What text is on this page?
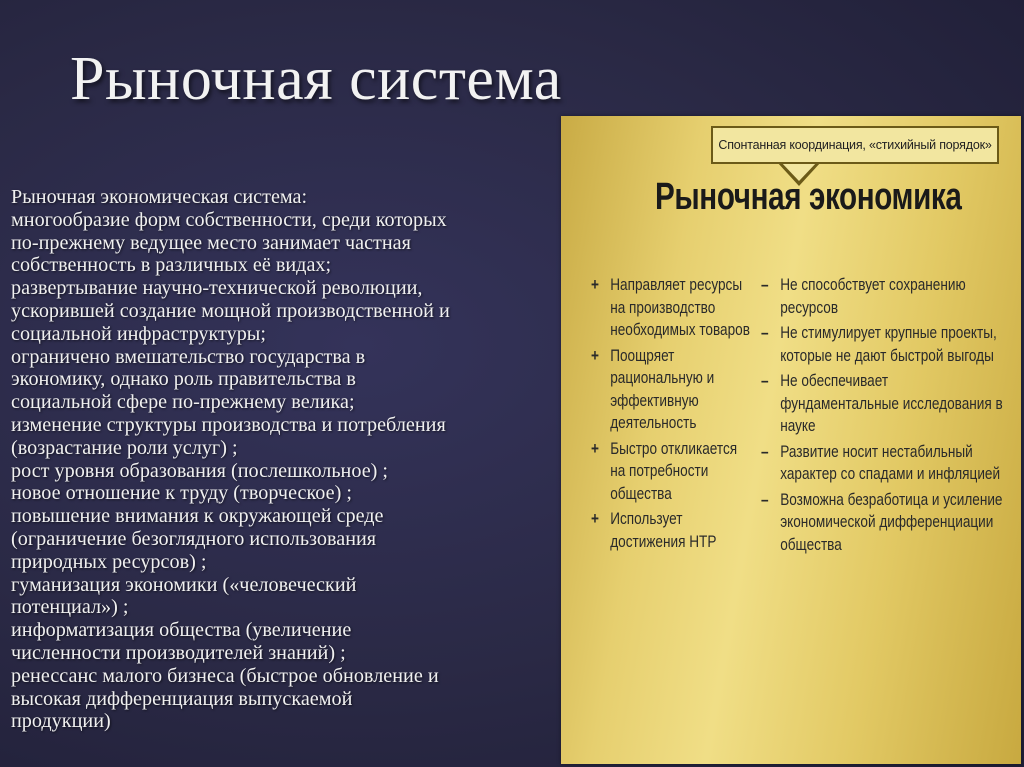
Рыночная система
Рыночная экономическая система:
многообразие форм собственности, среди которых
по-прежнему ведущее место занимает частная
собственность в различных её видах;
развертывание научно-технической революции,
ускорившей создание мощной производственной и
социальной инфраструктуры;
ограничено вмешательство государства в
экономику, однако роль правительства в
социальной сфере по-прежнему велика;
изменение структуры производства и потребления
(возрастание роли услуг) ;
рост уровня образования (послешкольное) ;
новое отношение к труду (творческое) ;
повышение внимания к окружающей среде
(ограничение безоглядного использования
природных ресурсов) ;
гуманизация экономики («человеческий
потенциал») ;
информатизация общества (увеличение
численности производителей знаний) ;
ренессанс малого бизнеса (быстрое обновление и
высокая дифференциация выпускаемой
продукции)
Спонтанная координация, «стихийный порядок»
Рыночная экономика
+ Направляет ресурсы
на производство
необходимых товаров
+ Поощряет
рациональную и
эффективную
деятельность
+ Быстро откликается
на потребности
общества
+ Использует
достижения НТР
– Не способствует сохранению
ресурсов
– Не стимулирует крупные проекты,
которые не дают быстрой выгоды
– Не обеспечивает
фундаментальные исследования в
науке
– Развитие носит нестабильный
характер со спадами и инфляцией
– Возможна безработица и усиление
экономической дифференциации
общества
